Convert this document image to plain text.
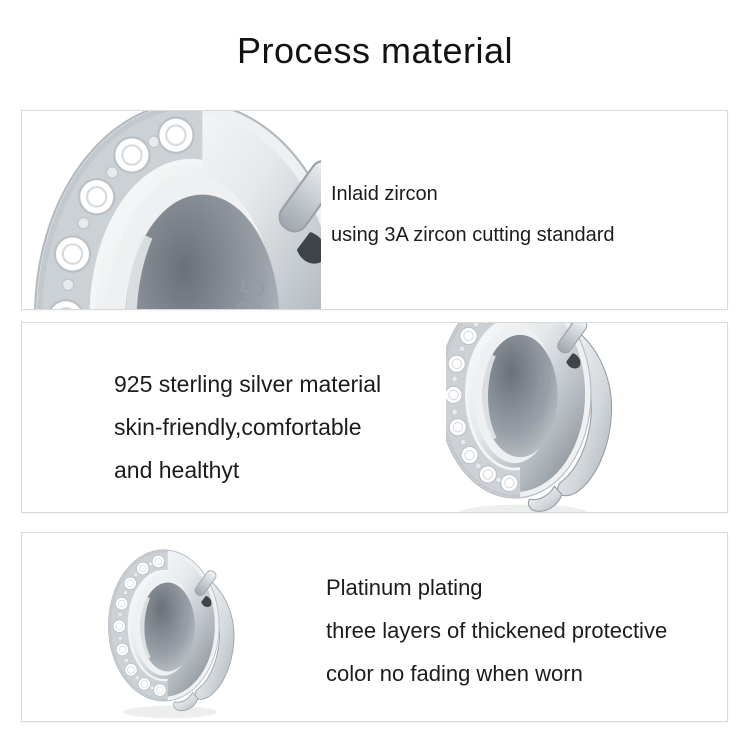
Process material
Inlaid zircon
using 3A zircon cutting standard
925 sterling silver material
skin-friendly,comfortable
and healthyt
Platinum plating
three layers of thickened protective
color no fading when worn
